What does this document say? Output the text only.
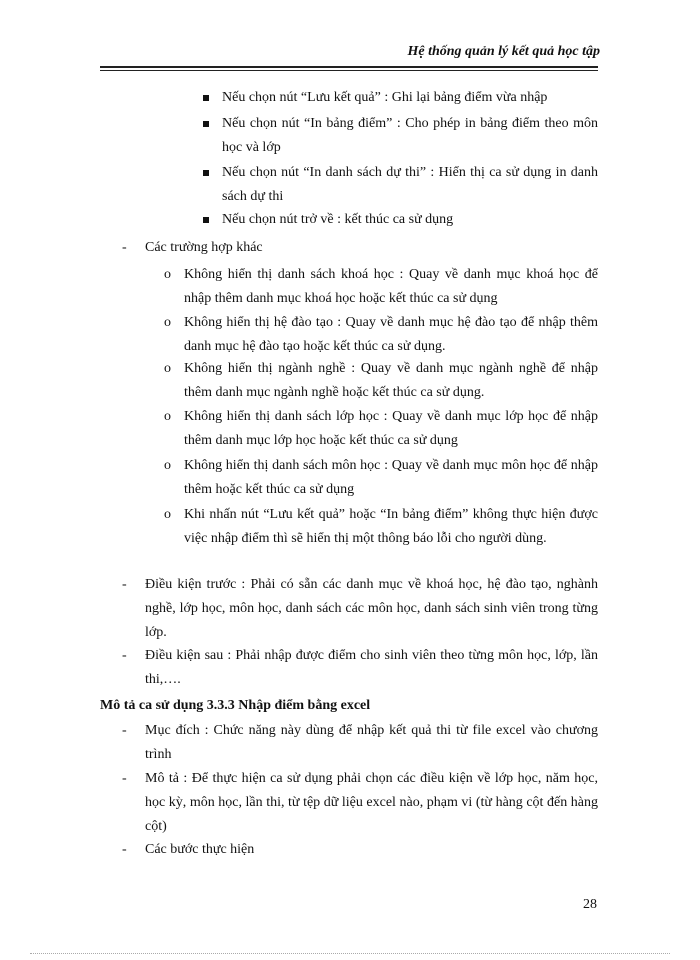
Hệ thống quản lý kết quả học tập
Nếu chọn nút “Lưu kết quả” : Ghi lại bảng điểm vừa nhập
Nếu chọn nút “In bảng điểm” : Cho phép in bảng điểm theo môn học và lớp
Nếu chọn nút “In danh sách dự thi” : Hiển thị ca sử dụng in danh sách dự thi
Nếu chọn nút trở về : kết thúc ca sử dụng
- Các trường hợp khác
o Không hiển thị danh sách khoá học : Quay về danh mục khoá học để nhập thêm danh mục khoá học hoặc kết thúc ca sử dụng
o Không hiển thị hệ đào tạo : Quay về danh mục hệ đào tạo để nhập thêm danh mục hệ đào tạo hoặc kết thúc ca sử dụng.
o Không hiển thị ngành nghề : Quay về danh mục ngành nghề để nhập thêm danh mục ngành nghề hoặc kết thúc ca sử dụng.
o Không hiển thị danh sách lớp học : Quay về danh mục lớp học để nhập thêm danh mục lớp học hoặc kết thúc ca sử dụng
o Không hiển thị danh sách môn học : Quay về danh mục môn học để nhập thêm hoặc kết thúc ca sử dụng
o Khi nhấn nút “Lưu kết quả” hoặc “In bảng điểm” không thực hiện được việc nhập điểm thì sẽ hiển thị một thông báo lỗi cho người dùng.
- Điều kiện trước : Phải có sẵn các danh mục về khoá học, hệ đào tạo, nghành nghề, lớp học, môn học, danh sách các môn học, danh sách sinh viên trong từng lớp.
- Điều kiện sau : Phải nhập được điểm cho sinh viên theo từng môn học, lớp, lần thi,….
Mô tả ca sử dụng 3.3.3 Nhập điểm bằng excel
- Mục đích : Chức năng này dùng để nhập kết quả thi từ file excel vào chương trình
- Mô tả : Để thực hiện ca sử dụng phải chọn các điều kiện về lớp học, năm học, học kỳ, môn học, lần thi, từ tệp dữ liệu excel nào, phạm vi (từ hàng cột đến hàng cột)
- Các bước thực hiện
28
